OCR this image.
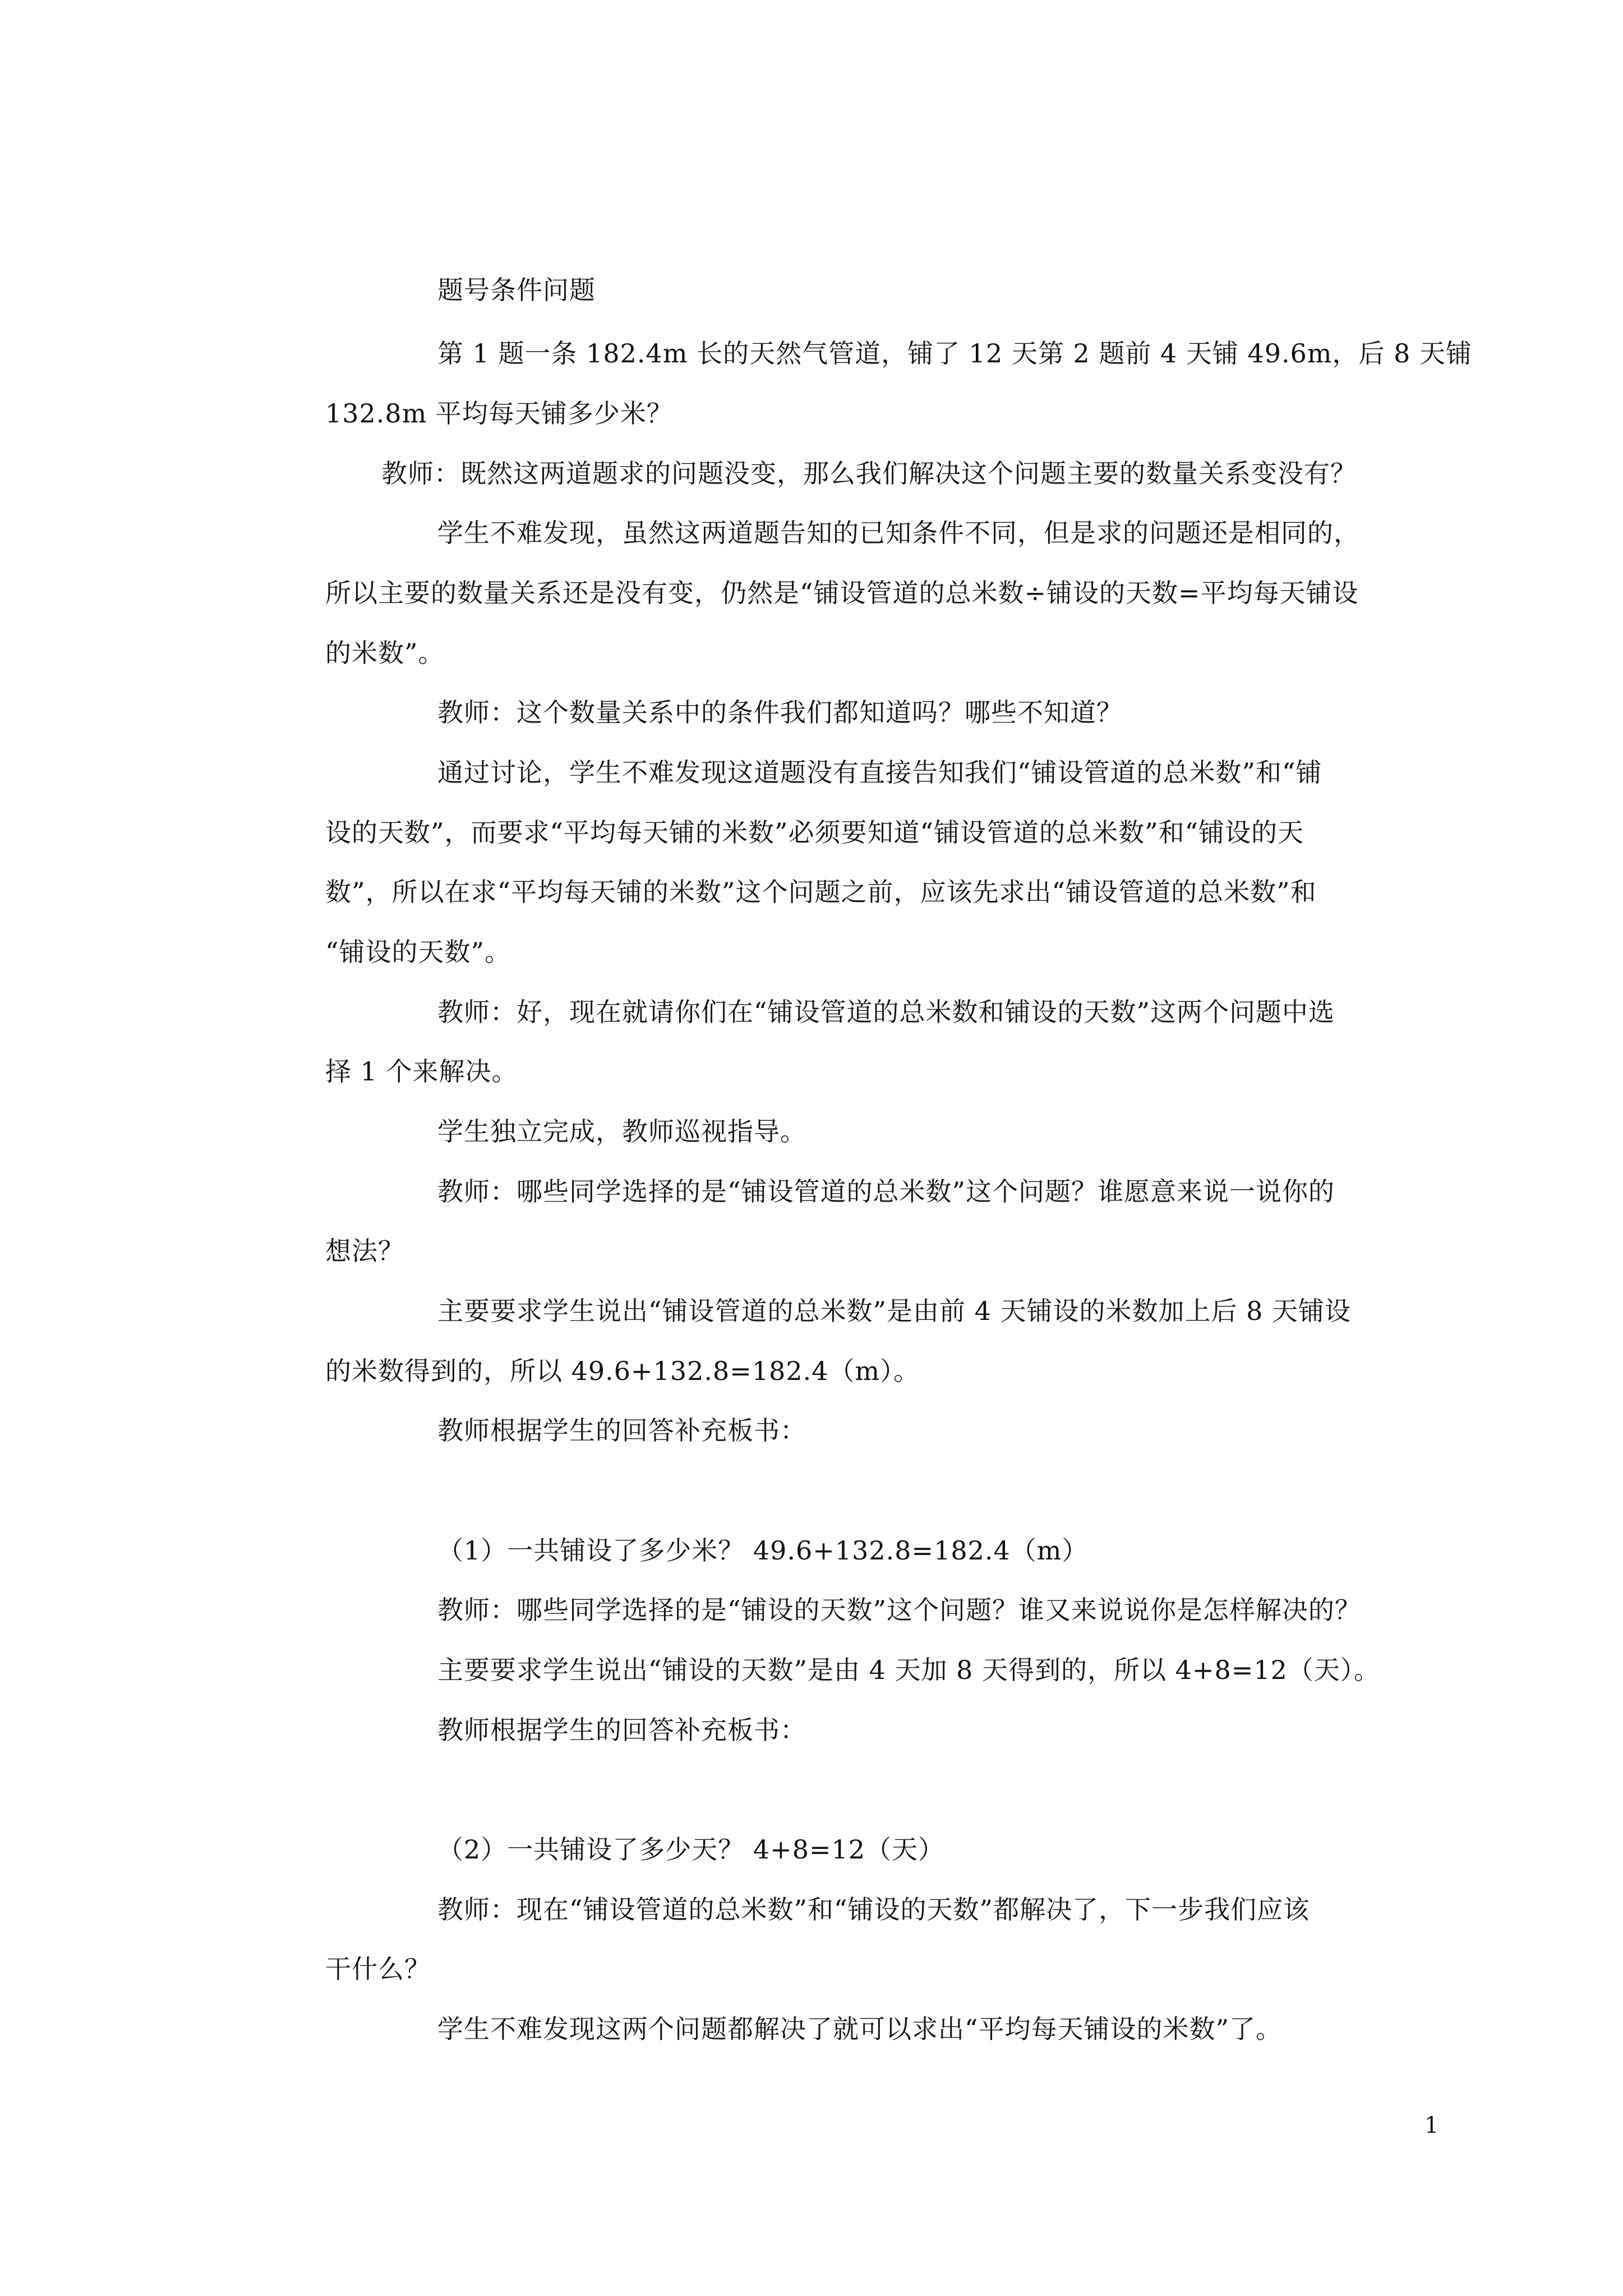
题号条件问题
第 1 题一条 182.4m 长的天然气管道，铺了 12 天第 2 题前 4 天铺 49.6m，后 8 天铺
132.8m 平均每天铺多少米？
教师：既然这两道题求的问题没变，那么我们解决这个问题主要的数量关系变没有？
学生不难发现，虽然这两道题告知的已知条件不同，但是求的问题还是相同的，
所以主要的数量关系还是没有变，仍然是“铺设管道的总米数÷铺设的天数=平均每天铺设
的米数”。
教师：这个数量关系中的条件我们都知道吗？哪些不知道？
通过讨论，学生不难发现这道题没有直接告知我们“铺设管道的总米数”和“铺
设的天数”，而要求“平均每天铺的米数”必须要知道“铺设管道的总米数”和“铺设的天
数”，所以在求“平均每天铺的米数”这个问题之前，应该先求出“铺设管道的总米数”和
“铺设的天数”。
教师：好，现在就请你们在“铺设管道的总米数和铺设的天数”这两个问题中选
择 1 个来解决。
学生独立完成，教师巡视指导。
教师：哪些同学选择的是“铺设管道的总米数”这个问题？谁愿意来说一说你的
想法？
主要要求学生说出“铺设管道的总米数”是由前 4 天铺设的米数加上后 8 天铺设
的米数得到的，所以 49.6+132.8=182.4（m）。
教师根据学生的回答补充板书：
（1）一共铺设了多少米？ 49.6+132.8=182.4（m）
教师：哪些同学选择的是“铺设的天数”这个问题？谁又来说说你是怎样解决的？
主要要求学生说出“铺设的天数”是由 4 天加 8 天得到的，所以 4+8=12（天）。
教师根据学生的回答补充板书：
（2）一共铺设了多少天？ 4+8=12（天）
教师：现在“铺设管道的总米数”和“铺设的天数”都解决了，下一步我们应该
干什么？
学生不难发现这两个问题都解决了就可以求出“平均每天铺设的米数”了。
1
